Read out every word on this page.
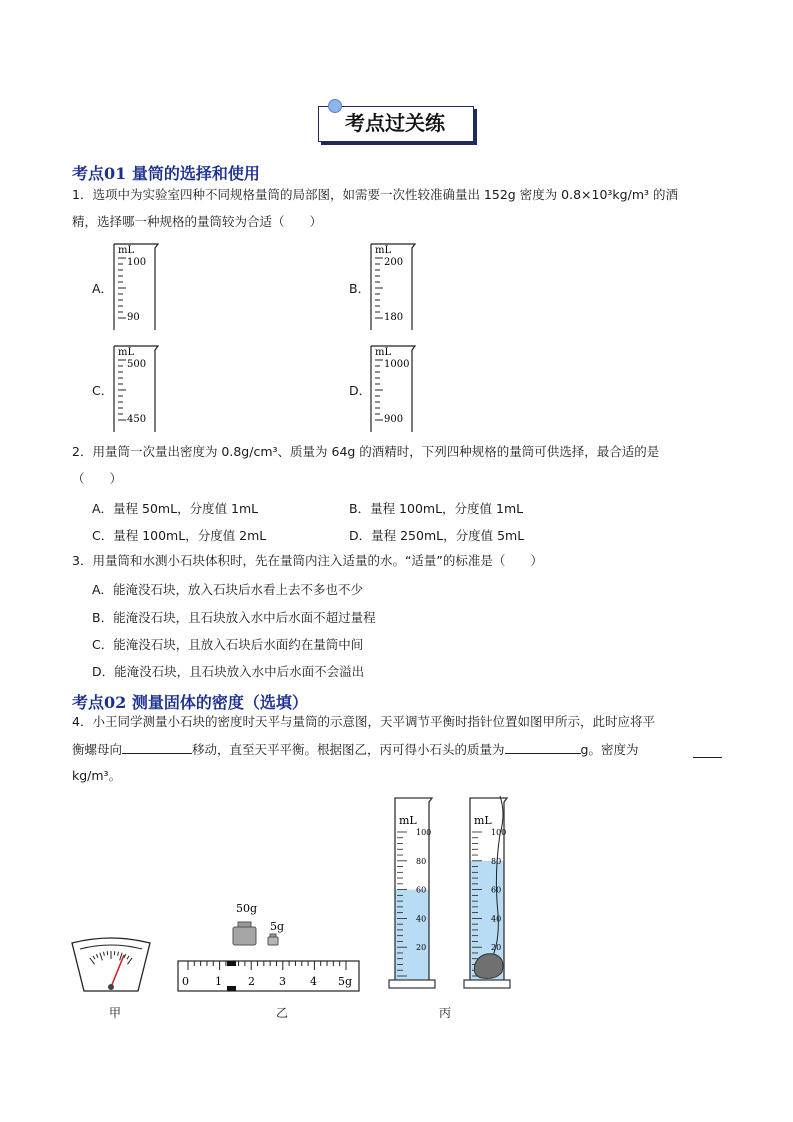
考点过关练
考点01 量筒的选择和使用
1．选项中为实验室四种不同规格量筒的局部图，如需要一次性较准确量出 152g 密度为 0.8×10³kg/m³ 的酒
精，选择哪一种规格的量筒较为合适（　　）
A．	B．
C．	D．
mL
100
90
mL
200
180
mL
500
450
mL
1000
900
2．用量筒一次量出密度为 0.8g/cm³、质量为 64g 的酒精时，下列四种规格的量筒可供选择，最合适的是
（　　）
A．量程 50mL，分度值 1mL	B．量程 100mL，分度值 1mL
C．量程 100mL，分度值 2mL	D．量程 250mL，分度值 5mL
3．用量筒和水测小石块体积时，先在量筒内注入适量的水。“适量”的标准是（　　）
A．能淹没石块，放入石块后水看上去不多也不少
B．能淹没石块，且石块放入水中后水面不超过量程
C．能淹没石块，且放入石块后水面约在量筒中间
D．能淹没石块，且石块放入水中后水面不会溢出
考点02 测量固体的密度（选填）
4．小王同学测量小石块的密度时天平与量筒的示意图，天平调节平衡时指针位置如图甲所示，此时应将平
衡螺母向	移动，直至天平平衡。根据图乙，丙可得小石头的质量为	g。密度为
kg/m³。
甲
50g
5g
0 1 2 3 4 5g
乙
mL
100
80
60
40
20
mL
100
80
60
40
20
丙
